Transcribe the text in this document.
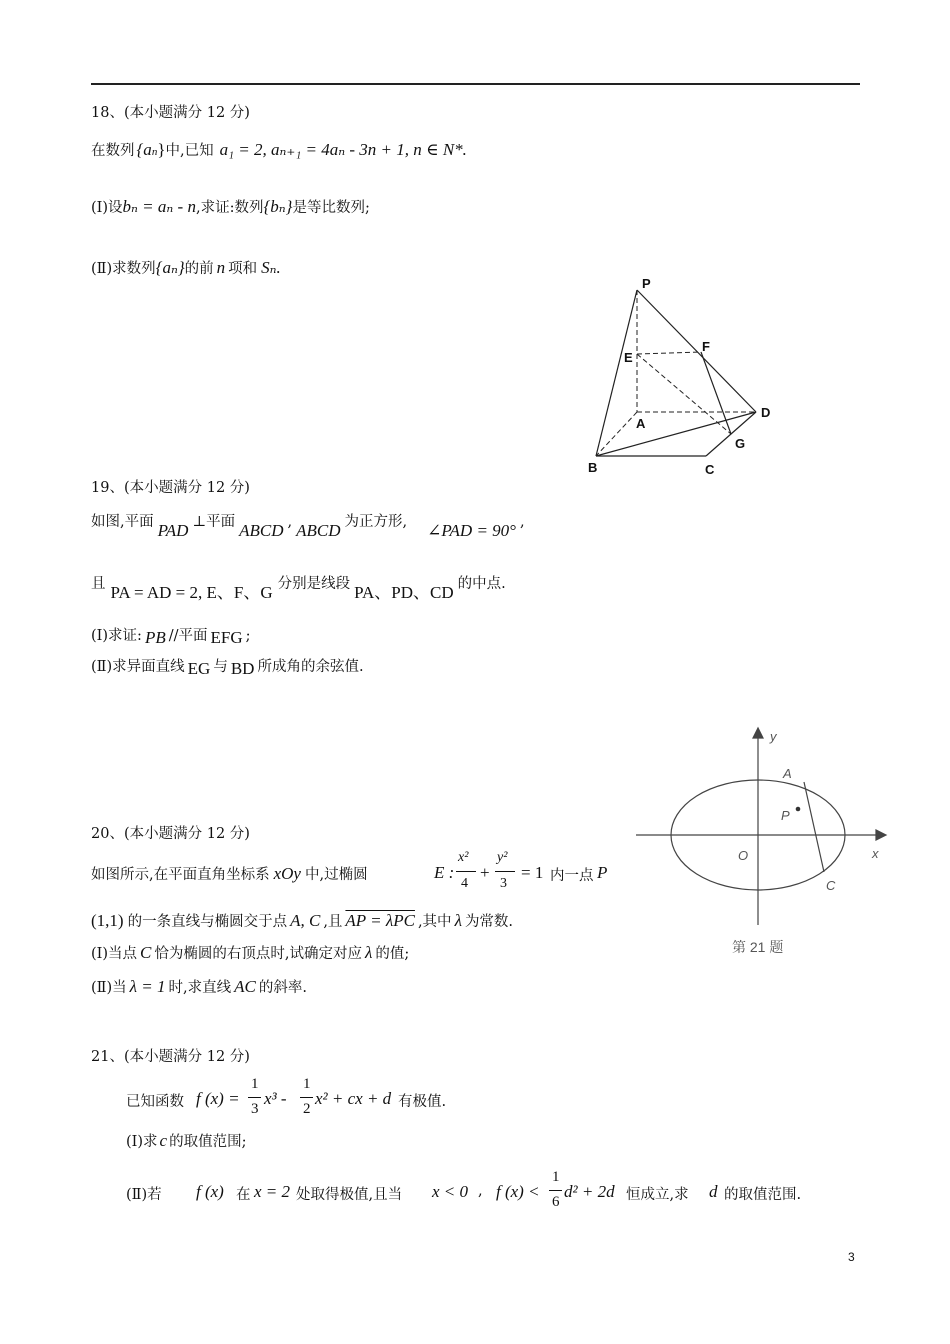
18、(本小题满分 12 分)
在数列 {an}中,已知 a₁ = 2, aₙ₊₁ = 4aₙ - 3n + 1, n ∈ N*.
(Ⅰ)设bₙ = aₙ - n,求证:数列{bₙ}是等比数列;
(Ⅱ)求数列{aₙ}的前 n 项和 Sₙ.
P
E
F
A
D
G
B	C
19、(本小题满分 12 分)
如图,平面 PAD ⊥平面 ABCD , ABCD 为正方形, ∠PAD = 90° ,
且 PA = AD = 2, E、F、G 分别是线段 PA、PD、CD 的中点.
(Ⅰ)求证: PB //平面 EFG ;
(Ⅱ)求异面直线 EG 与 BD 所成角的余弦值.
y
x
O
A
P
C
第 21 题
20、(本小题满分 12 分)
如图所示,在平面直角坐标系 xOy 中,过椭圆	E :
x²
4
+
y²
3
= 1 内一点 P
(1,1) 的一条直线与椭圆交于点 A, C ,且 AP = λPC ,其中 λ 为常数.
(Ⅰ)当点 C 恰为椭圆的右顶点时,试确定对应 λ 的值;
(Ⅱ)当 λ = 1 时,求直线 AC 的斜率.
21、(本小题满分 12 分)
已知函数 f (x) =
1
3
x³ -
1
2
x² + cx + d 有极值.
(Ⅰ)求 c 的取值范围;
(Ⅱ)若 f (x) 在 x = 2 处取得极值,且当 x < 0 , f (x) <
1
6
d² + 2d 恒成立,求 d 的取值范围.
3
